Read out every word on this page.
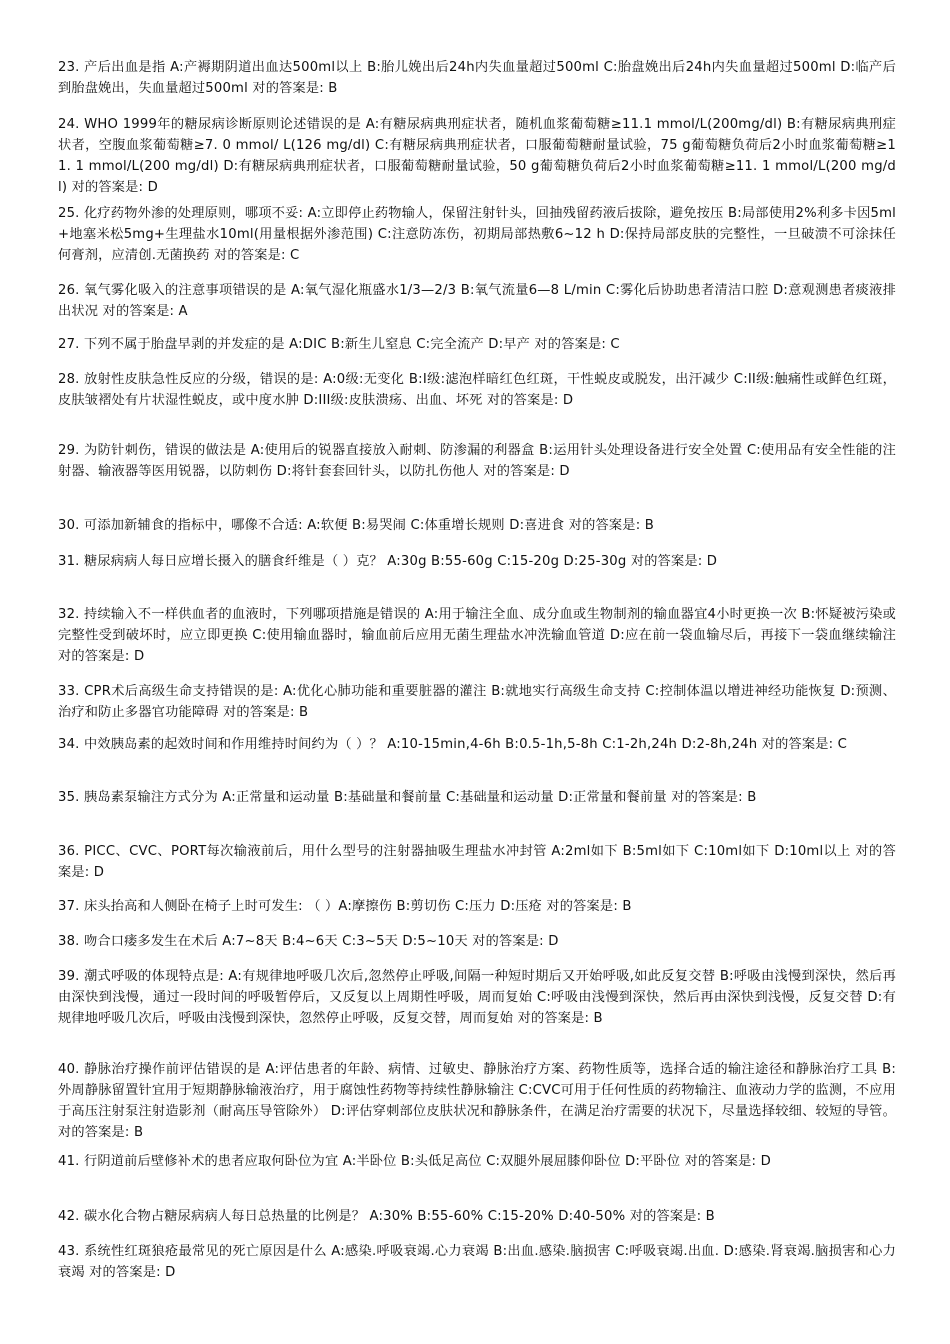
23. 产后出血是指 A:产褥期阴道出血达500ml以上 B:胎儿娩出后24h内失血量超过500ml C:胎盘娩出后24h内失血量超过500ml D:临产后到胎盘娩出，失血量超过500ml 对的答案是: B

24. WHO 1999年的糖尿病诊断原则论述错误的是 A:有糖尿病典刑症状者，随机血浆葡萄糖≥11.1 mmol/L(200mg/dl) B:有糖尿病典刑症状者，空腹血浆葡萄糖≥7. 0 mmol/ L(126 mg/dl) C:有糖尿病典刑症状者，口服葡萄糖耐量试验，75 g葡萄糖负荷后2小时血浆葡萄糖≥11. 1 mmol/L(200 mg/dl) D:有糖尿病典刑症状者，口服葡萄糖耐量试验，50 g葡萄糖负荷后2小时血浆葡萄糖≥11. 1 mmol/L(200 mg/dl) 对的答案是: D

25. 化疗药物外渗的处理原则，哪项不妥: A:立即停止药物输人，保留注射针头，回抽残留药液后拔除，避免按压 B:局部使用2%利多卡因5ml+地塞米松5mg+生理盐水10ml(用量根据外渗范围) C:注意防冻伤，初期局部热敷6~12 h D:保持局部皮肤的完整性，一旦破溃不可涂抹任何膏剂，应清创.无菌换药 对的答案是: C

26. 氧气雾化吸入的注意事项错误的是 A:氧气湿化瓶盛水1/3—2/3 B:氧气流量6—8 L/min C:雾化后协助患者清洁口腔 D:意观测患者痰液排出状况 对的答案是: A

27. 下列不属于胎盘早剥的并发症的是 A:DIC B:新生儿窒息 C:完全流产 D:早产 对的答案是: C

28. 放射性皮肤急性反应的分级，错误的是: A:0级:无变化 B:Ⅰ级:滤泡样暗红色红斑，干性蜕皮或脱发，出汗减少 C:II级:触痛性或鲜色红斑，皮肤皱褶处有片状湿性蜕皮，或中度水肿 D:III级:皮肤溃疡、出血、坏死 对的答案是: D

29. 为防针刺伤，错误的做法是 A:使用后的锐器直接放入耐刺、防渗漏的利器盒 B:运用针头处理设备进行安全处置 C:使用品有安全性能的注射器、输液器等医用锐器，以防刺伤 D:将针套套回针头，以防扎伤他人 对的答案是: D

30. 可添加新辅食的指标中，哪像不合适: A:软便 B:易哭闹 C:体重增长规则 D:喜进食 对的答案是: B

31. 糖尿病病人每日应增长摄入的膳食纤维是（ ）克？ A:30g B:55-60g C:15-20g D:25-30g 对的答案是: D

32. 持续输入不一样供血者的血液时，下列哪项措施是错误的 A:用于输注全血、成分血或生物制剂的输血器宜4小时更换一次 B:怀疑被污染或完整性受到破坏时，应立即更换 C:使用输血器时，输血前后应用无菌生理盐水冲洗输血管道 D:应在前一袋血输尽后，再接下一袋血继续输注 对的答案是: D

33. CPR术后高级生命支持错误的是: A:优化心肺功能和重要脏器的灌注 B:就地实行高级生命支持 C:控制体温以增进神经功能恢复 D:预测、治疗和防止多器官功能障碍 对的答案是: B

34. 中效胰岛素的起效时间和作用维持时间约为（ ）？ A:10-15min,4-6h B:0.5-1h,5-8h C:1-2h,24h D:2-8h,24h 对的答案是: C

35. 胰岛素泵输注方式分为 A:正常量和运动量 B:基础量和餐前量 C:基础量和运动量 D:正常量和餐前量 对的答案是: B

36. PICC、CVC、PORT每次输液前后，用什么型号的注射器抽吸生理盐水冲封管 A:2ml如下 B:5ml如下 C:10ml如下 D:10ml以上 对的答案是: D

37. 床头抬高和人侧卧在椅子上时可发生: （ ）A:摩擦伤 B:剪切伤 C:压力 D:压疮 对的答案是: B

38. 吻合口瘘多发生在术后 A:7~8天 B:4~6天 C:3~5天 D:5~10天 对的答案是: D

39. 潮式呼吸的体现特点是: A:有规律地呼吸几次后,忽然停止呼吸,间隔一种短时期后又开始呼吸,如此反复交替 B:呼吸由浅慢到深快，然后再由深快到浅慢，通过一段时间的呼吸暂停后，又反复以上周期性呼吸，周而复始 C:呼吸由浅慢到深快，然后再由深快到浅慢，反复交替 D:有规律地呼吸几次后，呼吸由浅慢到深快，忽然停止呼吸，反复交替，周而复始 对的答案是: B

40. 静脉治疗操作前评估错误的是 A:评估患者的年龄、病情、过敏史、静脉治疗方案、药物性质等，选择合适的输注途径和静脉治疗工具 B:外周静脉留置针宜用于短期静脉输液治疗，用于腐蚀性药物等持续性静脉输注 C:CVC可用于任何性质的药物输注、血液动力学的监测，不应用于高压注射泵注射造影剂（耐高压导管除外） D:评估穿刺部位皮肤状况和静脉条件，在满足治疗需要的状况下，尽量选择较细、较短的导管。 对的答案是: B

41. 行阴道前后壁修补术的患者应取何卧位为宜 A:半卧位 B:头低足高位 C:双腿外展屈膝仰卧位 D:平卧位 对的答案是: D

42. 碳水化合物占糖尿病病人每日总热量的比例是？ A:30% B:55-60% C:15-20% D:40-50% 对的答案是: B

43. 系统性红斑狼疮最常见的死亡原因是什么 A:感染.呼吸衰竭.心力衰竭 B:出血.感染.脑损害 C:呼吸衰竭.出血. D:感染.肾衰竭.脑损害和心力衰竭 对的答案是: D
